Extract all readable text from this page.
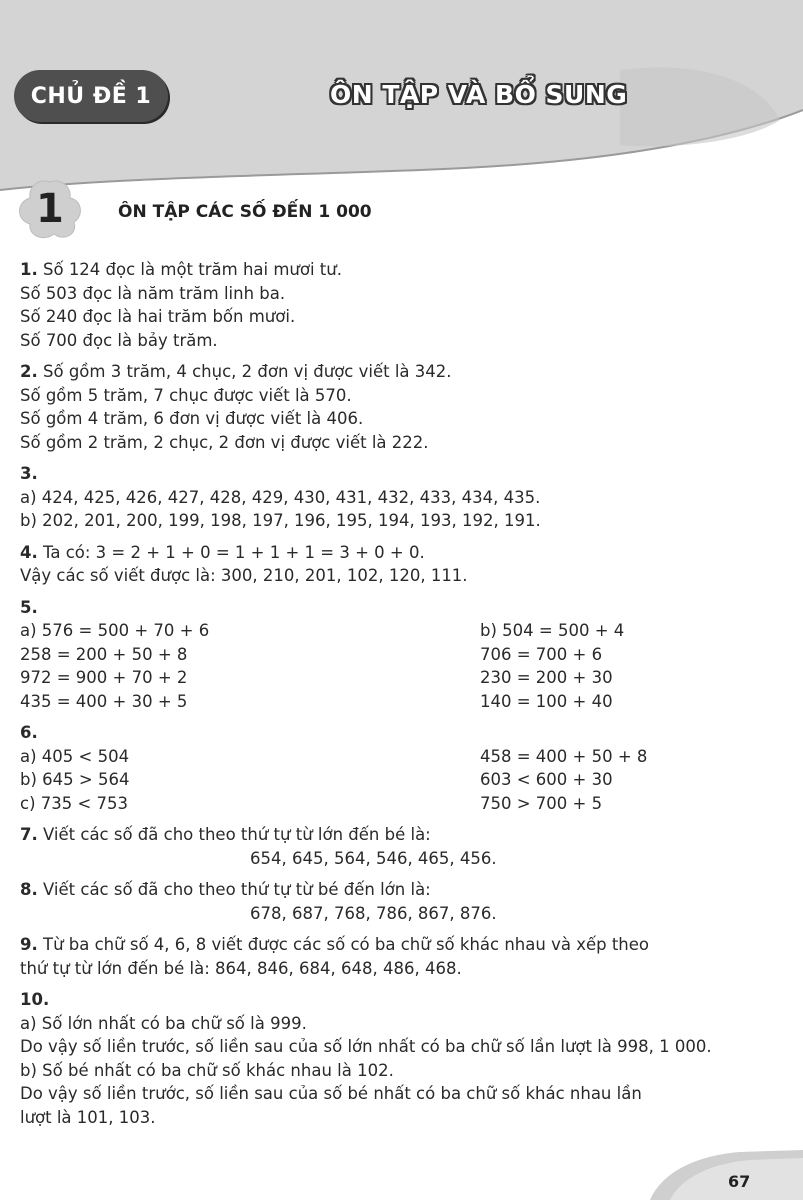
CHỦ ĐỀ 1	ÔN TẬP VÀ BỔ SUNG
1	ÔN TẬP CÁC SỐ ĐẾN 1 000
1. Số 124 đọc là một trăm hai mươi tư.
Số 503 đọc là năm trăm linh ba.
Số 240 đọc là hai trăm bốn mươi.
Số 700 đọc là bảy trăm.
2. Số gồm 3 trăm, 4 chục, 2 đơn vị được viết là 342.
Số gồm 5 trăm, 7 chục được viết là 570.
Số gồm 4 trăm, 6 đơn vị được viết là 406.
Số gồm 2 trăm, 2 chục, 2 đơn vị được viết là 222.
3.
a) 424, 425, 426, 427, 428, 429, 430, 431, 432, 433, 434, 435.
b) 202, 201, 200, 199, 198, 197, 196, 195, 194, 193, 192, 191.
4. Ta có: 3 = 2 + 1 + 0 = 1 + 1 + 1 = 3 + 0 + 0.
Vậy các số viết được là: 300, 210, 201, 102, 120, 111.
5.
a) 576 = 500 + 70 + 6
258 = 200 + 50 + 8
972 = 900 + 70 + 2
435 = 400 + 30 + 5
b) 504 = 500 + 4
706 = 700 + 6
230 = 200 + 30
140 = 100 + 40
6.
a) 405 < 504
b) 645 > 564
c) 735 < 753
458 = 400 + 50 + 8
603 < 600 + 30
750 > 700 + 5
7. Viết các số đã cho theo thứ tự từ lớn đến bé là:
654, 645, 564, 546, 465, 456.
8. Viết các số đã cho theo thứ tự từ bé đến lớn là:
678, 687, 768, 786, 867, 876.
9. Từ ba chữ số 4, 6, 8 viết được các số có ba chữ số khác nhau và xếp theo
thứ tự từ lớn đến bé là: 864, 846, 684, 648, 486, 468.
10.
a) Số lớn nhất có ba chữ số là 999.
Do vậy số liền trước, số liền sau của số lớn nhất có ba chữ số lần lượt là 998, 1 000.
b) Số bé nhất có ba chữ số khác nhau là 102.
Do vậy số liền trước, số liền sau của số bé nhất có ba chữ số khác nhau lần
lượt là 101, 103.
67
